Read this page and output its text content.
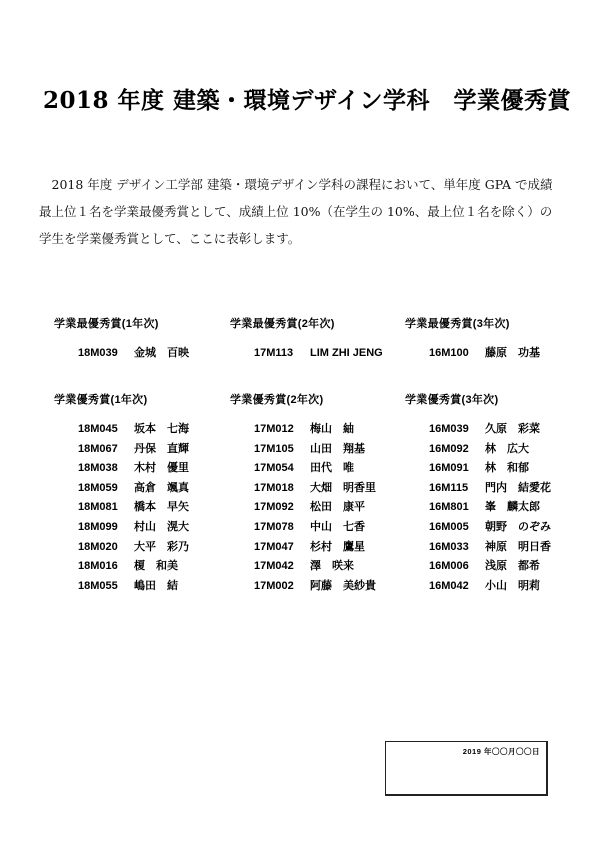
2018 年度 建築・環境デザイン学科　学業優秀賞
　2018 年度 デザイン工学部 建築・環境デザイン学科の課程において、単年度 GPA で成績
最上位１名を学業最優秀賞として、成績上位 10%（在学生の 10%、最上位１名を除く）の
学生を学業優秀賞として、ここに表彰します。
学業最優秀賞(1年次)
18M039 金城　百映
学業最優秀賞(2年次)
17M113 LIM ZHI JENG
学業最優秀賞(3年次)
16M100 藤原　功基
学業優秀賞(1年次)
18M045 坂本　七海
18M067 丹保　直輝
18M038 木村　優里
18M059 高倉　颯真
18M081 橋本　早矢
18M099 村山　滉大
18M020 大平　彩乃
18M016 榎　和美
18M055 嶋田　結
学業優秀賞(2年次)
17M012 梅山　紬
17M105 山田　翔基
17M054 田代　唯
17M018 大畑　明香里
17M092 松田　康平
17M078 中山　七香
17M047 杉村　鷹星
17M042 澤　咲来
17M002 阿藤　美紗貴
学業優秀賞(3年次)
16M039 久原　彩菜
16M092 林　広大
16M091 林　和郁
16M115 門内　結愛花
16M801 峯　麟太郎
16M005 朝野　のぞみ
16M033 神原　明日香
16M006 浅原　都希
16M042 小山　明莉
2019 年〇〇月〇〇日
